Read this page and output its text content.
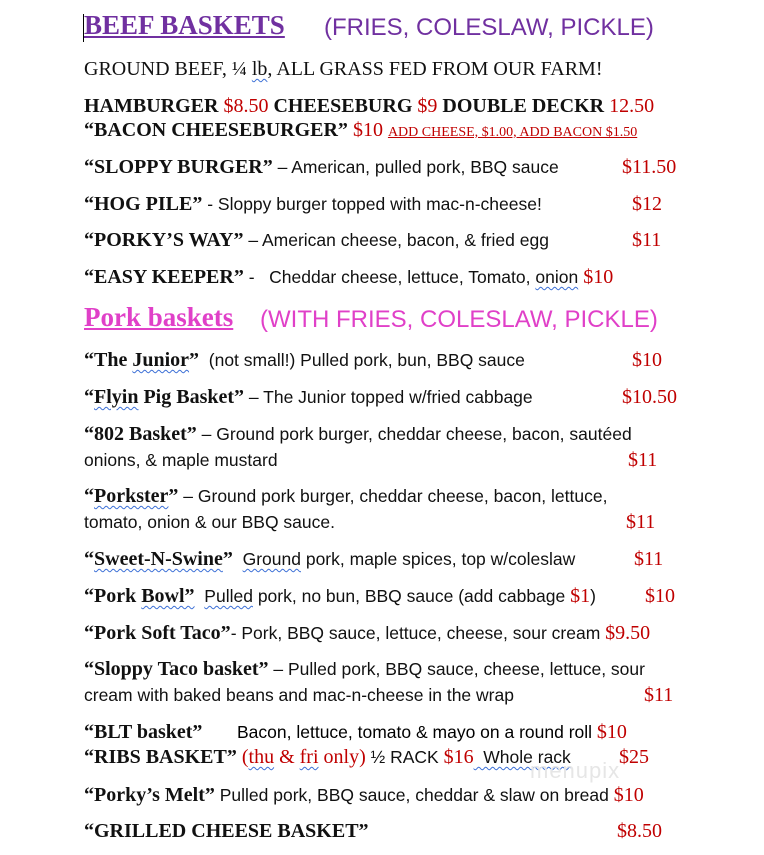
BEEF BASKETS (FRIES, COLESLAW, PICKLE)
GROUND BEEF, ¼ lb, ALL GRASS FED FROM OUR FARM!
HAMBURGER $8.50 CHEESEBURG $9 DOUBLE DECKR 12.50
“BACON CHEESEBURGER” $10 ADD CHEESE, $1.00, ADD BACON $1.50
“SLOPPY BURGER” – American, pulled pork, BBQ sauce	$11.50
“HOG PILE” - Sloppy burger topped with mac-n-cheese!	$12
“PORKY’S WAY” – American cheese, bacon, & fried egg	$11
“EASY KEEPER” -   Cheddar cheese, lettuce, Tomato, onion $10
Pork baskets (WITH FRIES, COLESLAW, PICKLE)
“The Junior”  (not small!) Pulled pork, bun, BBQ sauce	$10
“Flyin Pig Basket” – The Junior topped w/fried cabbage	$10.50
“802 Basket” – Ground pork burger, cheddar cheese, bacon, sautéed
onions, & maple mustard	$11
“Porkster” – Ground pork burger, cheddar cheese, bacon, lettuce,
tomato, onion & our BBQ sauce.	$11
“Sweet-N-Swine” Ground pork, maple spices, top w/coleslaw	$11
“Pork Bowl” Pulled pork, no bun, BBQ sauce (add cabbage $1) $10
“Pork Soft Taco”- Pork, BBQ sauce, lettuce, cheese, sour cream $9.50
“Sloppy Taco basket” – Pulled pork, BBQ sauce, cheese, lettuce, sour
cream with baked beans and mac-n-cheese in the wrap	$11
“BLT basket” Bacon, lettuce, tomato & mayo on a round roll $10
“RIBS BASKET” (thu & fri only) ½ RACK $16  Whole rack $25
“Porky’s Melt” Pulled pork, BBQ sauce, cheddar & slaw on bread $10
“GRILLED CHEESE BASKET”	$8.50
menupix
